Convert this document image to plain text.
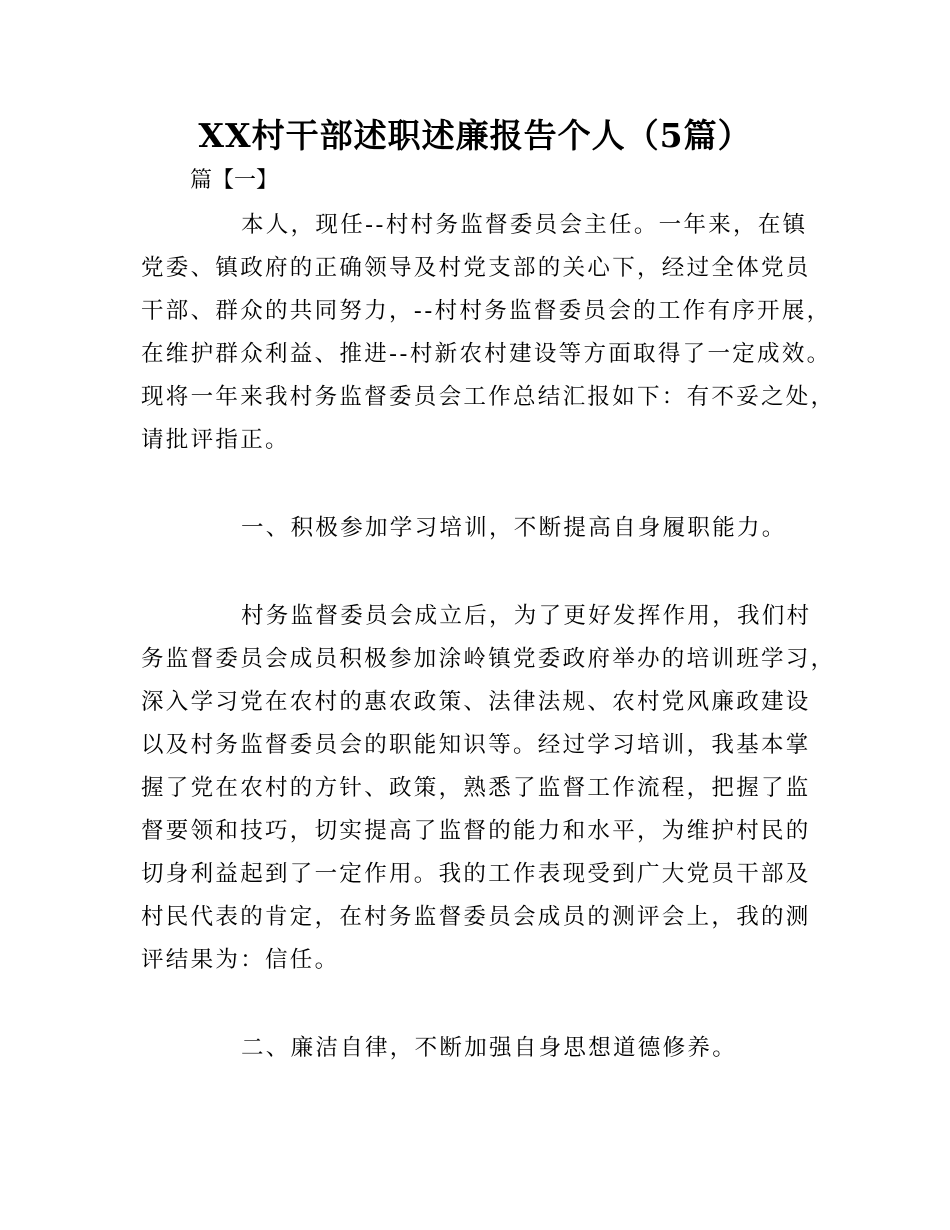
XX村干部述职述廉报告个人（5篇）
篇【一】
本人，现任--村村务监督委员会主任。一年来，在镇
党委、镇政府的正确领导及村党支部的关心下，经过全体党员
干部、群众的共同努力，--村村务监督委员会的工作有序开展，
在维护群众利益、推进--村新农村建设等方面取得了一定成效。
现将一年来我村务监督委员会工作总结汇报如下：有不妥之处，
请批评指正。
一、积极参加学习培训，不断提高自身履职能力。
村务监督委员会成立后，为了更好发挥作用，我们村
务监督委员会成员积极参加涂岭镇党委政府举办的培训班学习，
深入学习党在农村的惠农政策、法律法规、农村党风廉政建设
以及村务监督委员会的职能知识等。经过学习培训，我基本掌
握了党在农村的方针、政策，熟悉了监督工作流程，把握了监
督要领和技巧，切实提高了监督的能力和水平，为维护村民的
切身利益起到了一定作用。我的工作表现受到广大党员干部及
村民代表的肯定，在村务监督委员会成员的测评会上，我的测
评结果为：信任。
二、廉洁自律，不断加强自身思想道德修养。
